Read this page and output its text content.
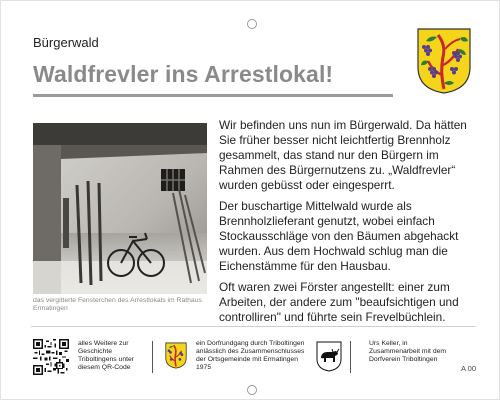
Bürgerwald
Waldfrevler ins Arrestlokal!
das vergitterte Fensterchen des Arrestlokals im Rathaus Ermatingen

Wir befinden uns nun im Bürgerwald. Da hätten Sie früher besser nicht leichtfertig Brennholz gesammelt, das stand nur den Bürgern im Rahmen des Bürgernutzens zu. „Waldfrevler“ wurden gebüsst oder eingesperrt.

Der buschartige Mittelwald wurde als Brennholzlieferant genutzt, wobei einfach Stockausschläge von den Bäumen abgehackt wurden. Aus dem Hochwald schlug man die Eichenstämme für den Hausbau.

Oft waren zwei Förster angestellt: einer zum Arbeiten, der andere zum "beaufsichtigen und controlliren" und führte sein Frevelbüchlein.

alles Weitere zur Geschichte Triboltingens unter diesem QR-Code
ein Dorfrundgang durch Triboltingen anlässlich des Zusammenschlusses der Ortsgemeinde mit Ermatingen 1975
Urs Keller, in Zusammenarbeit mit dem Dorfverein Triboltingen
A 00
